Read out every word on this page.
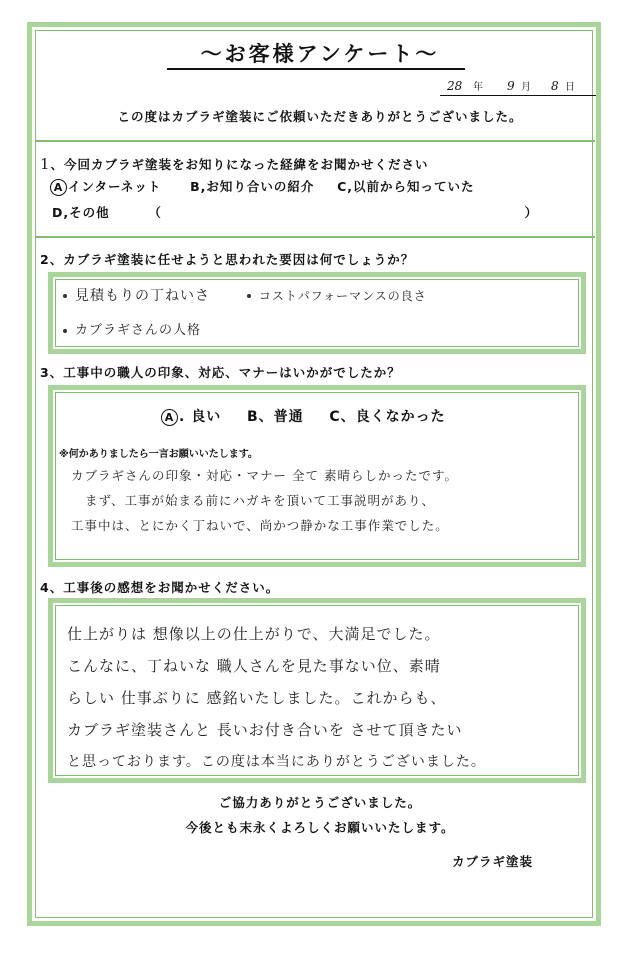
〜お客様アンケート〜
28 年 9 月 8 日
この度はカブラギ塗装にご依頼いただきありがとうございました。
1、今回カブラギ塗装をお知りになった経緯をお聞かせください
A インターネット B,お知り合いの紹介 C,以前から知っていた
D,その他	（	）
2、カブラギ塗装に任せようと思われた要因は何でしょうか？
見積もりの丁ねいさ	コストパフォーマンスの良さ
カブラギさんの人格
3、工事中の職人の印象、対応、マナーはいかがでしたか？
A . 良い B、普通 C、良くなかった
※何かありましたら一言お願いいたします。
カブラギさんの印象・対応・マナー 全て 素晴らしかったです。
まず、工事が始まる前にハガキを頂いて工事説明があり、
工事中は、とにかく丁ねいで、尚かつ静かな工事作業でした。
4、工事後の感想をお聞かせください。
仕上がりは 想像以上の仕上がりで、大満足でした。
こんなに、丁ねいな 職人さんを見た事ない位、素晴
らしい 仕事ぶりに 感銘いたしました。これからも、
カブラギ塗装さんと 長いお付き合いを させて頂きたい
と思っております。この度は本当にありがとうございました。
ご協力ありがとうございました。
今後とも末永くよろしくお願いいたします。
カブラギ塗装
